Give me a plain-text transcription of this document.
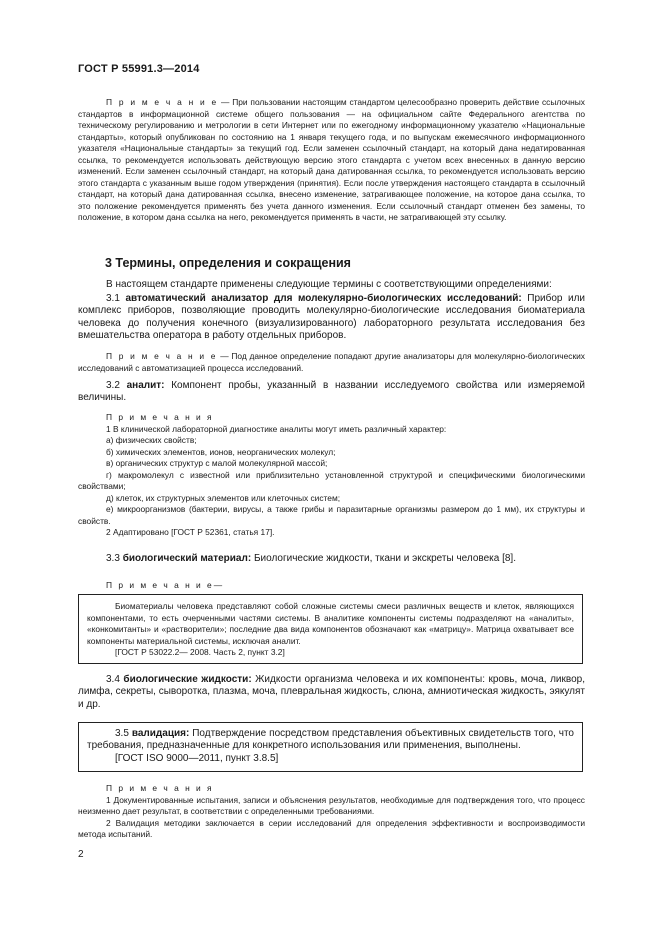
ГОСТ Р 55991.3—2014
П р и м е ч а н и е — При пользовании настоящим стандартом целесообразно проверить действие ссылочных стандартов в информационной системе общего пользования — на официальном сайте Федерального агентства по техническому регулированию и метрологии в сети Интернет или по ежегодному информационному указателю «Национальные стандарты», который опубликован по состоянию на 1 января текущего года, и по выпускам ежемесячного информационного указателя «Национальные стандарты» за текущий год. Если заменен ссылочный стандарт, на который дана недатированная ссылка, то рекомендуется использовать действующую версию этого стандарта с учетом всех внесенных в данную версию изменений. Если заменен ссылочный стандарт, на который дана датированная ссылка, то рекомендуется использовать версию этого стандарта с указанным выше годом утверждения (принятия). Если после утверждения настоящего стандарта в ссылочный стандарт, на который дана датированная ссылка, внесено изменение, затрагивающее положение, на которое дана ссылка, то это положение рекомендуется применять без учета данного изменения. Если ссылочный стандарт отменен без замены, то положение, в котором дана ссылка на него, рекомендуется применять в части, не затрагивающей эту ссылку.
3 Термины, определения и сокращения
В настоящем стандарте применены следующие термины с соответствующими определениями:
3.1 автоматический анализатор для молекулярно-биологических исследований: Прибор или комплекс приборов, позволяющие проводить молекулярно-биологические исследования биоматериала человека до получения конечного (визуализированного) лабораторного результата исследования без вмешательства оператора в работу отдельных приборов.
П р и м е ч а н и е — Под данное определение попадают другие анализаторы для молекулярно-биологических исследований с автоматизацией процесса исследований.
3.2 аналит: Компонент пробы, указанный в названии исследуемого свойства или измеряемой величины.

П р и м е ч а н и я

1 В клинической лабораторной диагностике аналиты могут иметь различный характер:

а) физических свойств;

б) химических элементов, ионов, неорганических молекул;

в) органических структур с малой молекулярной массой;

г) макромолекул с известной или приблизительно установленной структурой и специфическими биологическими свойствами;

д) клеток, их структурных элементов или клеточных систем;

е) микроорганизмов (бактерии, вирусы, а также грибы и паразитарные организмы размером до 1 мм), их структуры и свойств.

2 Адаптировано [ГОСТ Р 52361, статья 17].

3.3 биологический материал: Биологические жидкости, ткани и экскреты человека [8].
П р и м е ч а н и е—
Биоматериалы человека представляют собой сложные системы смеси различных веществ и клеток, являющихся компонентами, то есть очерченными частями системы. В аналитике компоненты системы подразделяют на «аналиты», «конкомитанты» и «растворители»; последние два вида компонентов обозначают как «матрицу». Матрица охватывает все компоненты материальной системы, исключая аналит.
[ГОСТ Р 53022.2— 2008. Часть 2, пункт 3.2]
3.4 биологические жидкости: Жидкости организма человека и их компоненты: кровь, моча, ликвор, лимфа, секреты, сыворотка, плазма, моча, плевральная жидкость, слюна, амниотическая жидкость, эякулят и др.
3.5 валидация: Подтверждение посредством представления объективных свидетельств того, что требования, предназначенные для конкретного использования или применения, выполнены.
[ГОСТ ISO 9000—2011, пункт 3.8.5]

П р и м е ч а н и я

1 Документированные испытания, записи и объяснения результатов, необходимые для подтверждения того, что процесс неизменно дает результат, в соответствии с определенными требованиями.

2 Валидация методики заключается в серии исследований для определения эффективности и воспроизводимости метода испытаний.

2
